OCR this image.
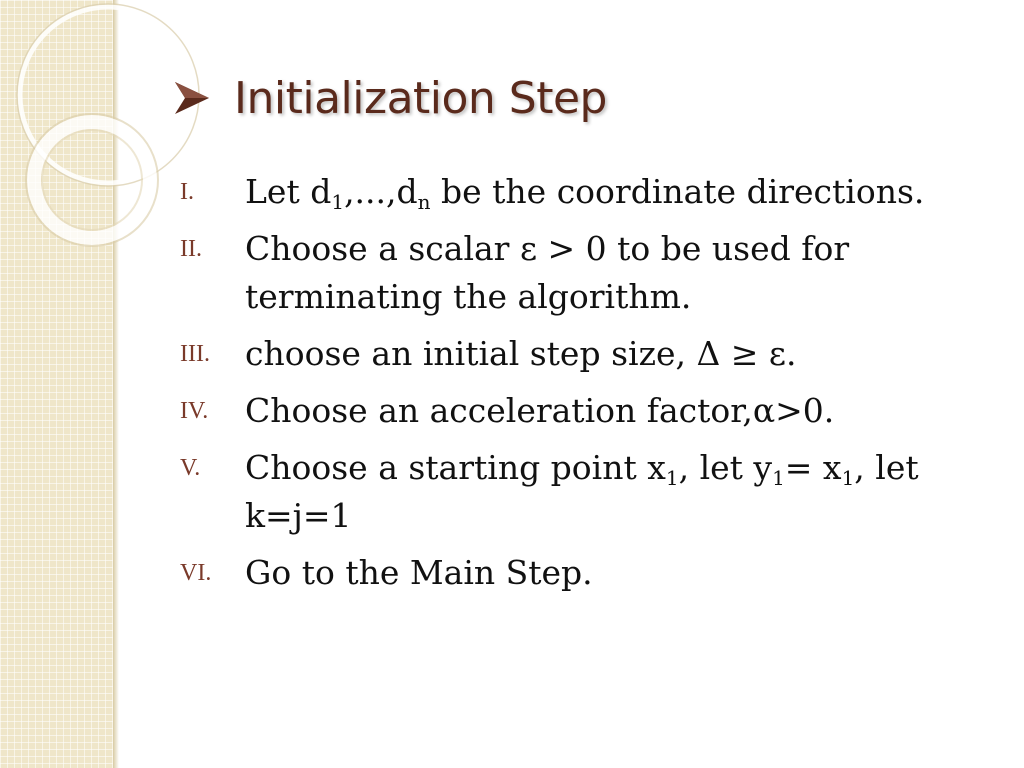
Initialization Step
I. Let $d_1,...,d_n$ be the coordinate directions.
II. Choose a scalar ε > 0 to be used for terminating the algorithm.
III. choose an initial step size, Δ ≥ ε.
IV. Choose an acceleration factor,α>0.
V. Choose a starting point $x_1$, let $y_1= x_1$, let k=j=1
VI. Go to the Main Step.
